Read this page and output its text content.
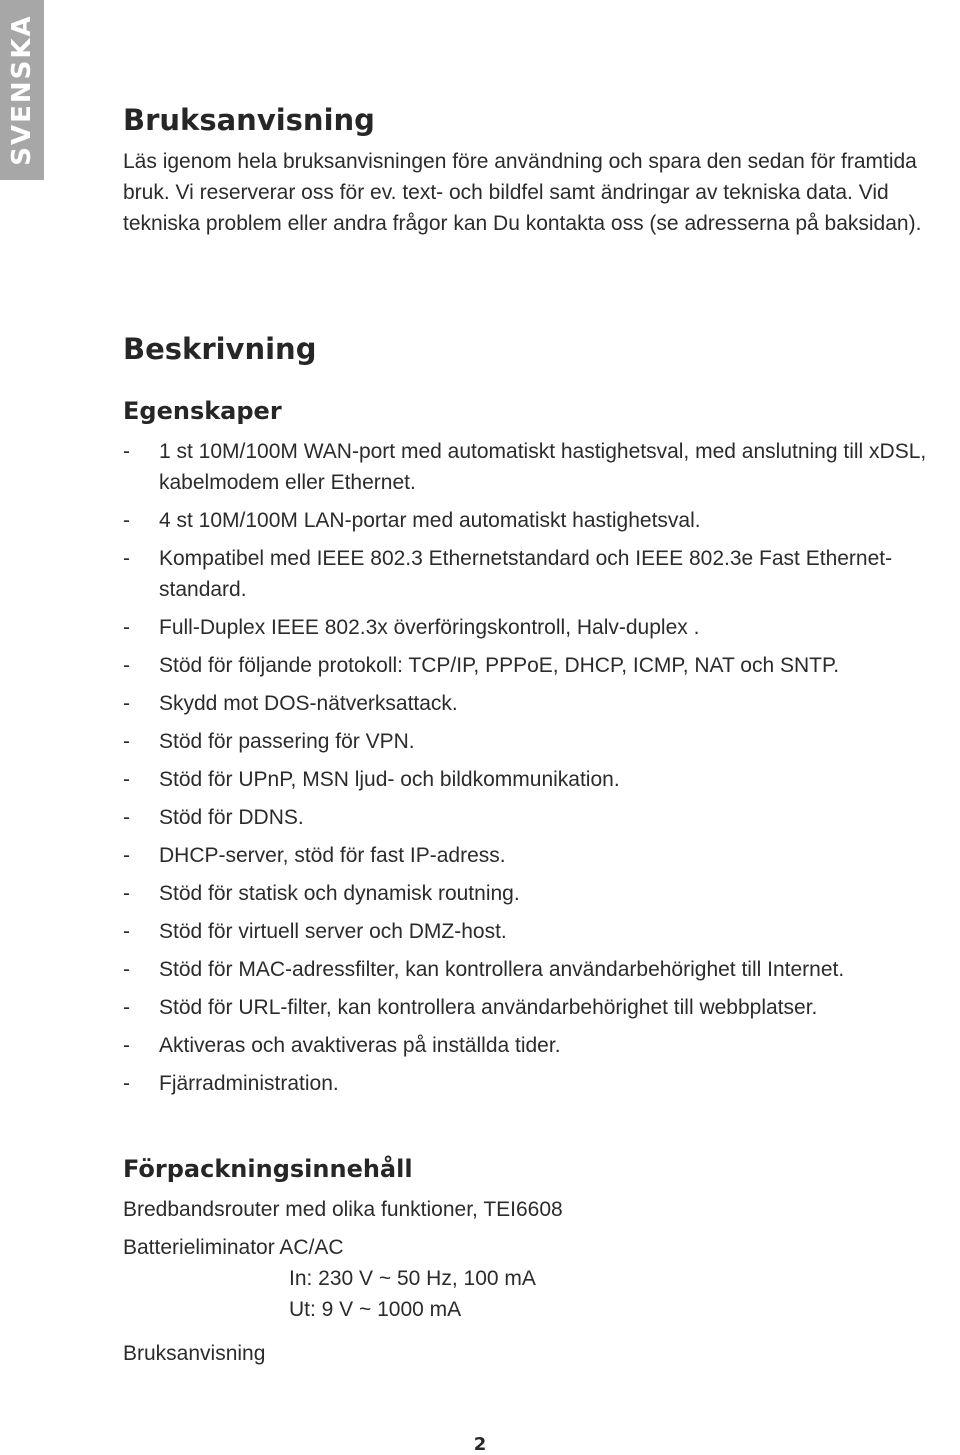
SVENSKA	Bruksanvisning

Läs igenom hela bruksanvisningen före användning och spara den sedan för framtida bruk. Vi reserverar oss för ev. text- och bildfel samt ändringar av tekniska data. Vid tekniska problem eller andra frågor kan Du kontakta oss (se adresserna på baksidan).

Beskrivning
Egenskaper
- 1 st 10M/100M WAN-port med automatiskt hastighetsval, med anslutning till xDSL, kabelmodem eller Ethernet.
- 4 st 10M/100M LAN-portar med automatiskt hastighetsval.
- Kompatibel med IEEE 802.3 Ethernetstandard och IEEE 802.3e Fast Ethernet-standard.
- Full-Duplex IEEE 802.3x överföringskontroll, Halv-duplex .
- Stöd för följande protokoll: TCP/IP, PPPoE, DHCP, ICMP, NAT och SNTP.
- Skydd mot DOS-nätverksattack.
- Stöd för passering för VPN.
- Stöd för UPnP, MSN ljud- och bildkommunikation.
- Stöd för DDNS.
- DHCP-server, stöd för fast IP-adress.
- Stöd för statisk och dynamisk routning.
- Stöd för virtuell server och DMZ-host.
- Stöd för MAC-adressfilter, kan kontrollera användarbehörighet till Internet.
- Stöd för URL-filter, kan kontrollera användarbehörighet till webbplatser.
- Aktiveras och avaktiveras på inställda tider.
- Fjärradministration.
Förpackningsinnehåll
Bredbandsrouter med olika funktioner, TEI6608
Batterieliminator AC/AC
In: 230 V ~ 50 Hz, 100 mA
Ut: 9 V ~ 1000 mA
Bruksanvisning
2
